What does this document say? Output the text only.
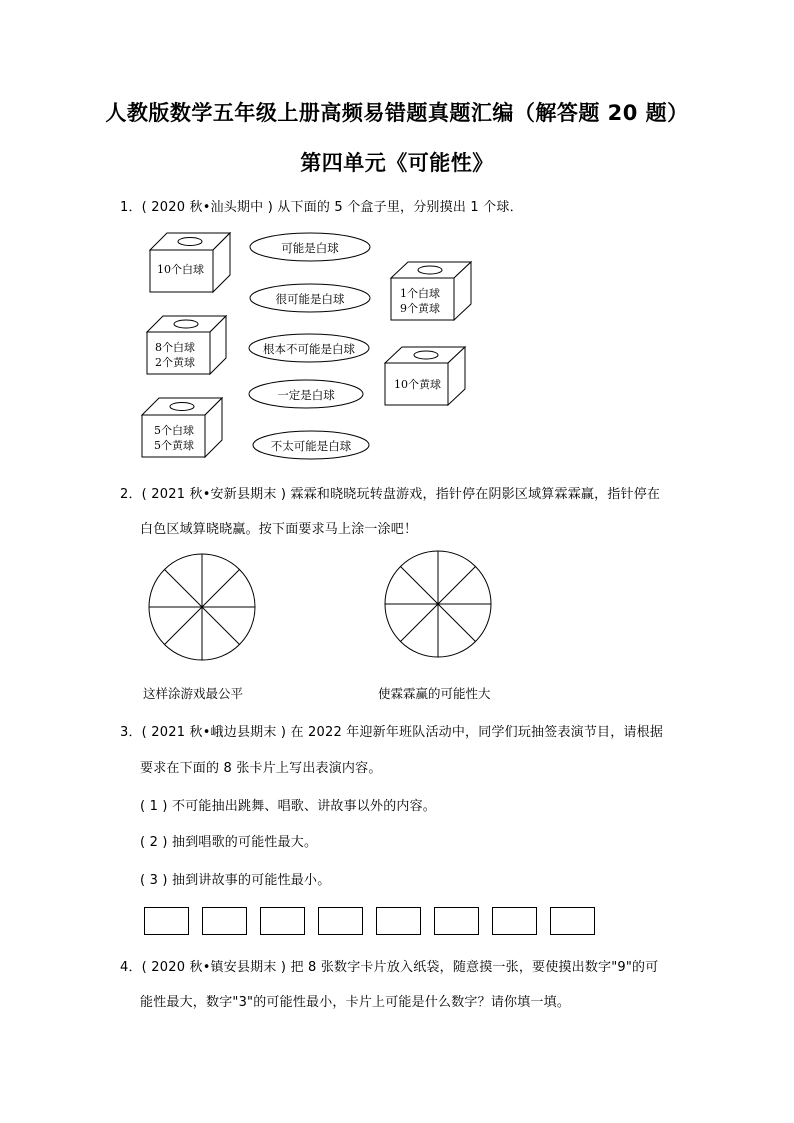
人教版数学五年级上册高频易错题真题汇编（解答题 20 题）
第四单元《可能性》
1．( 2020 秋•汕头期中 ) 从下面的 5 个盒子里，分别摸出 1 个球．
10个白球
8个白球
2个黄球
5个白球
5个黄球
1个白球
9个黄球
10个黄球
可能是白球
很可能是白球
根本不可能是白球
一定是白球
不太可能是白球
2．( 2021 秋•安新县期末 ) 霖霖和晓晓玩转盘游戏，指针停在阴影区域算霖霖赢，指针停在
白色区域算晓晓赢。按下面要求马上涂一涂吧！
这样涂游戏最公平	使霖霖赢的可能性大
3．( 2021 秋•峨边县期末 ) 在 2022 年迎新年班队活动中，同学们玩抽签表演节目，请根据
要求在下面的 8 张卡片上写出表演内容。
( 1 ) 不可能抽出跳舞、唱歌、讲故事以外的内容。
( 2 ) 抽到唱歌的可能性最大。
( 3 ) 抽到讲故事的可能性最小。
4．( 2020 秋•镇安县期末 ) 把 8 张数字卡片放入纸袋，随意摸一张，要使摸出数字"9"的可
能性最大，数字"3"的可能性最小，卡片上可能是什么数字？请你填一填。
